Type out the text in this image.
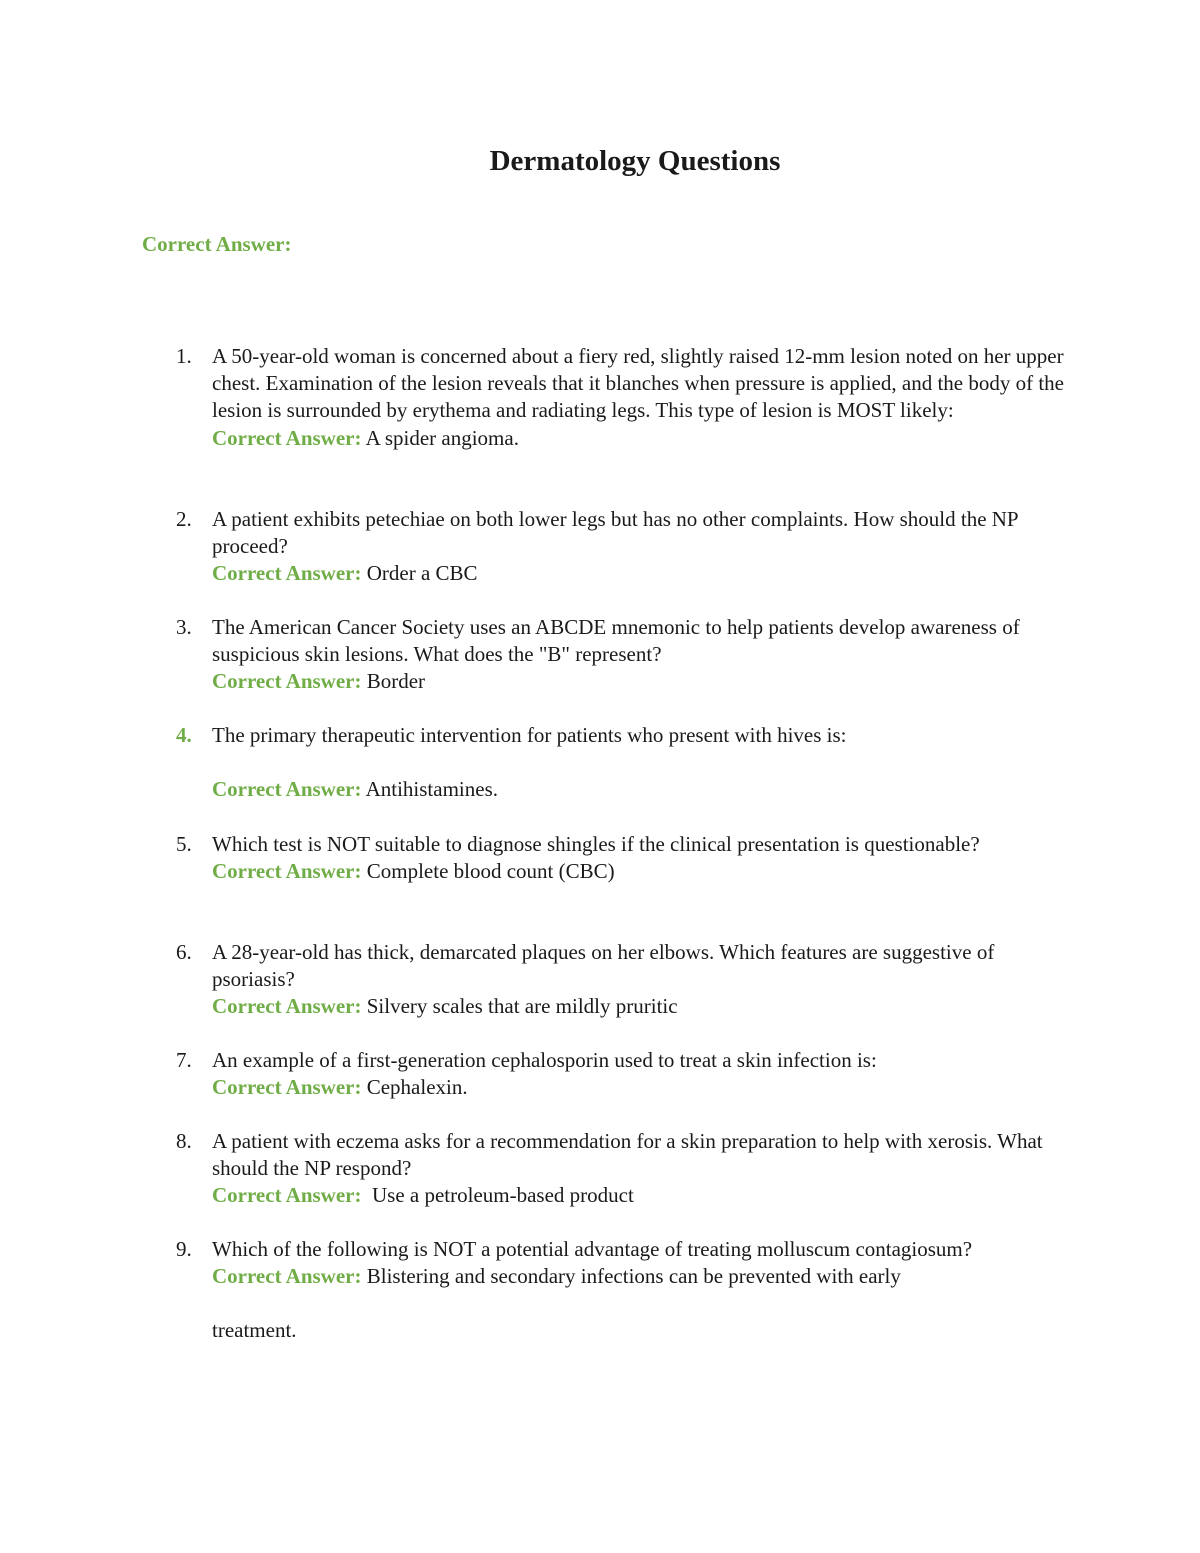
Dermatology Questions

Correct Answer:

1. A 50-year-old woman is concerned about a fiery red, slightly raised 12-mm lesion noted on her upper chest. Examination of the lesion reveals that it blanches when pressure is applied, and the body of the lesion is surrounded by erythema and radiating legs. This type of lesion is MOST likely:

Correct Answer: A spider angioma.

2. A patient exhibits petechiae on both lower legs but has no other complaints. How should the NP proceed?

Correct Answer: Order a CBC

3. The American Cancer Society uses an ABCDE mnemonic to help patients develop awareness of suspicious skin lesions. What does the "B" represent?

Correct Answer: Border

4. The primary therapeutic intervention for patients who present with hives is:

Correct Answer: Antihistamines.

5. Which test is NOT suitable to diagnose shingles if the clinical presentation is questionable?

Correct Answer: Complete blood count (CBC)

6. A 28-year-old has thick, demarcated plaques on her elbows. Which features are suggestive of psoriasis?

Correct Answer: Silvery scales that are mildly pruritic

7. An example of a first-generation cephalosporin used to treat a skin infection is:

Correct Answer: Cephalexin.

8. A patient with eczema asks for a recommendation for a skin preparation to help with xerosis. What should the NP respond?

Correct Answer:  Use a petroleum-based product

9. Which of the following is NOT a potential advantage of treating molluscum contagiosum?

Correct Answer: Blistering and secondary infections can be prevented with early

treatment.
